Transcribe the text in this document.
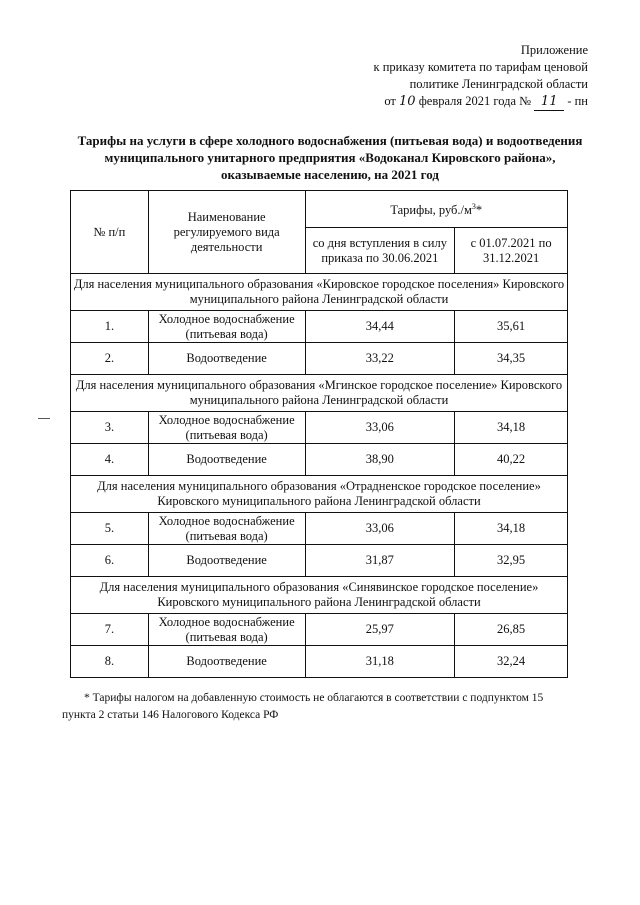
Приложение
к приказу комитета по тарифам ценовой
политике Ленинградской области
от 10 февраля 2021 года № 11 - пн
Тарифы на услуги в сфере холодного водоснабжения (питьевая вода) и водоотведения
муниципального унитарного предприятия «Водоканал Кировского района»,
оказываемые населению, на 2021 год
№ п/п	Наименование регулируемого вида деятельности	Тарифы, $руб./м^3*$	
		со дня вступления в силу приказа по 30.06.2021	с 01.07.2021 по 31.12.2021
Для населения муниципального образования «Кировское городское поселения» Кировского муниципального района Ленинградской области			
1.	Холодное водоснабжение (питьевая вода)	34,44	35,61
2.	Водоотведение	33,22	34,35
Для населения муниципального образования «Мгинское городское поселение» Кировского муниципального района Ленинградской области			
3.	Холодное водоснабжение (питьевая вода)	33,06	34,18
4.	Водоотведение	38,90	40,22
Для населения муниципального образования «Отрадненское городское поселение» Кировского муниципального района Ленинградской области			
5.	Холодное водоснабжение (питьевая вода)	33,06	34,18
6.	Водоотведение	31,87	32,95
Для населения муниципального образования «Синявинское городское поселение» Кировского муниципального района Ленинградской области			
7.	Холодное водоснабжение (питьевая вода)	25,97	26,85
8.	Водоотведение	31,18	32,24
* Тарифы налогом на добавленную стоимость не облагаются в соответствии с подпунктом 15
пункта 2 статьи 146 Налогового Кодекса РФ
